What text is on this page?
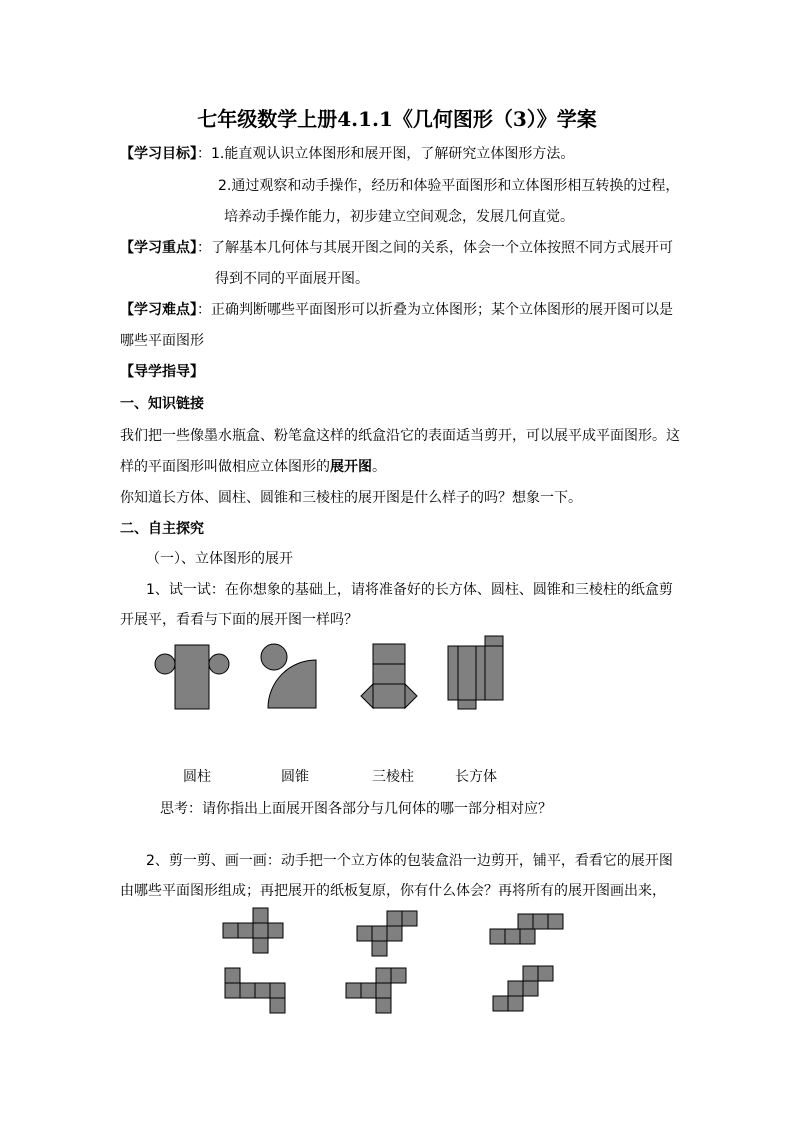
七年级数学上册4.1.1《几何图形（3）》学案
【学习目标】：1.能直观认识立体图形和展开图，了解研究立体图形方法。
2.通过观察和动手操作，经历和体验平面图形和立体图形相互转换的过程，
培养动手操作能力，初步建立空间观念，发展几何直觉。
【学习重点】：了解基本几何体与其展开图之间的关系，体会一个立体按照不同方式展开可
得到不同的平面展开图。
【学习难点】：正确判断哪些平面图形可以折叠为立体图形；某个立体图形的展开图可以是
哪些平面图形
【导学指导】
一、知识链接
我们把一些像墨水瓶盒、粉笔盒这样的纸盒沿它的表面适当剪开，可以展平成平面图形。这
样的平面图形叫做相应立体图形的展开图。
你知道长方体、圆柱、圆锥和三棱柱的展开图是什么样子的吗？想象一下。
二、自主探究
（一）、立体图形的展开
1、试一试：在你想象的基础上，请将准备好的长方体、圆柱、圆锥和三棱柱的纸盒剪
开展平，看看与下面的展开图一样吗？
圆柱	圆锥	三棱柱	长方体
思考：请你指出上面展开图各部分与几何体的哪一部分相对应？
2、剪一剪、画一画：动手把一个立方体的包装盒沿一边剪开，铺平，看看它的展开图
由哪些平面图形组成；再把展开的纸板复原，你有什么体会？再将所有的展开图画出来，
